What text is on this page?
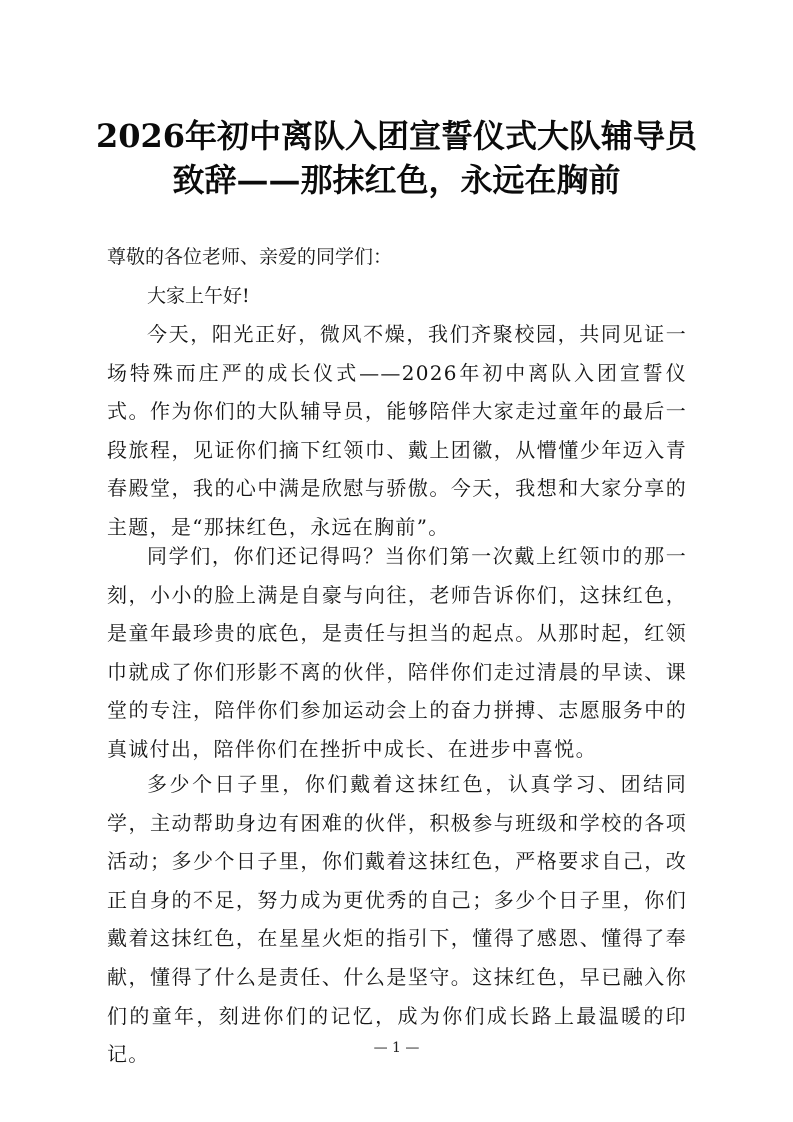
2026年初中离队入团宣誓仪式大队辅导员
致辞——那抹红色，永远在胸前
尊敬的各位老师、亲爱的同学们：
大家上午好!

今天，阳光正好，微风不燥，我们齐聚校园，共同见证一场特殊而庄严的成长仪式——2026年初中离队入团宣誓仪式。作为你们的大队辅导员，能够陪伴大家走过童年的最后一段旅程，见证你们摘下红领巾、戴上团徽，从懵懂少年迈入青春殿堂，我的心中满是欣慰与骄傲。今天，我想和大家分享的主题，是“那抹红色，永远在胸前”。

同学们，你们还记得吗？当你们第一次戴上红领巾的那一刻，小小的脸上满是自豪与向往，老师告诉你们，这抹红色，是童年最珍贵的底色，是责任与担当的起点。从那时起，红领巾就成了你们形影不离的伙伴，陪伴你们走过清晨的早读、课堂的专注，陪伴你们参加运动会上的奋力拼搏、志愿服务中的真诚付出，陪伴你们在挫折中成长、在进步中喜悦。

多少个日子里，你们戴着这抹红色，认真学习、团结同学，主动帮助身边有困难的伙伴，积极参与班级和学校的各项活动；多少个日子里，你们戴着这抹红色，严格要求自己，改正自身的不足，努力成为更优秀的自己；多少个日子里，你们戴着这抹红色，在星星火炬的指引下，懂得了感恩、懂得了奉献，懂得了什么是责任、什么是坚守。这抹红色，早已融入你们的童年，刻进你们的记忆，成为你们成长路上最温暖的印记。	— 1 —
